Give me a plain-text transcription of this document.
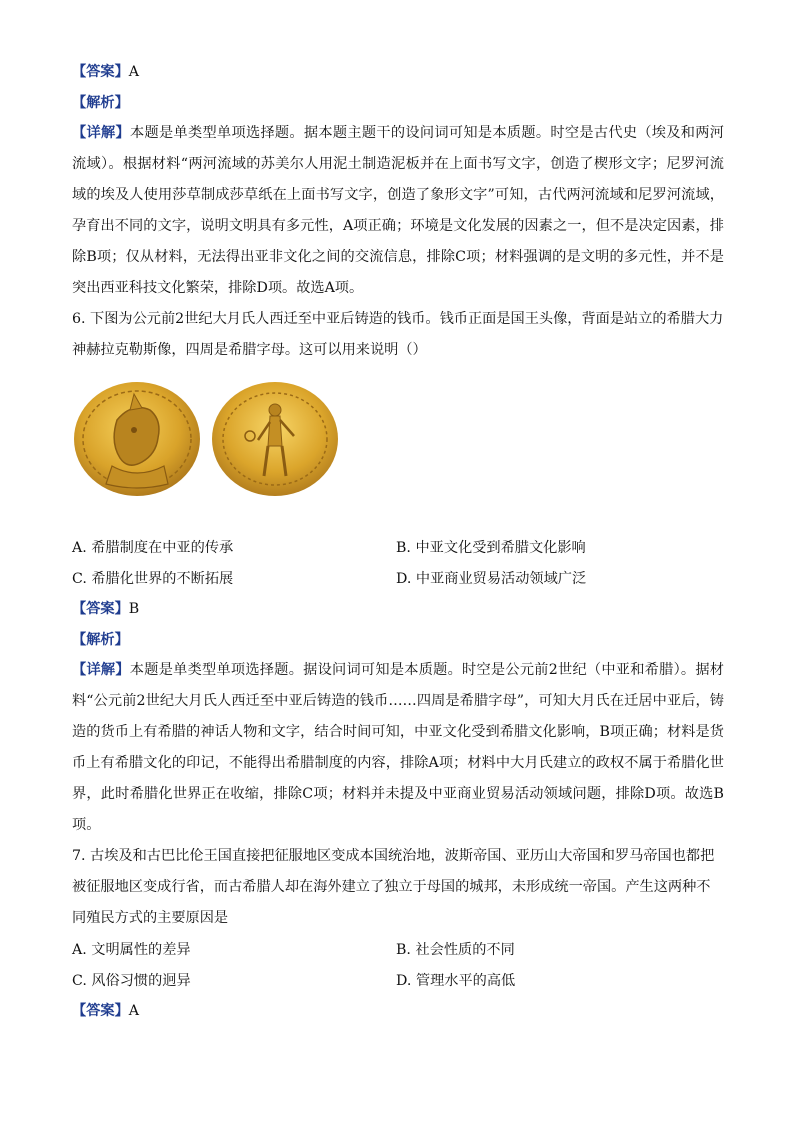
【答案】A
【解析】

【详解】本题是单类型单项选择题。据本题主题干的设问词可知是本质题。时空是古代史（埃及和两河流域）。根据材料“两河流域的苏美尔人用泥土制造泥板并在上面书写文字，创造了楔形文字；尼罗河流域的埃及人使用莎草制成莎草纸在上面书写文字，创造了象形文字”可知，古代两河流域和尼罗河流域，孕育出不同的文字，说明文明具有多元性，A项正确；环境是文化发展的因素之一，但不是决定因素，排除B项；仅从材料，无法得出亚非文化之间的交流信息，排除C项；材料强调的是文明的多元性，并不是突出西亚科技文化繁荣，排除D项。故选A项。

6. 下图为公元前2世纪大月氏人西迁至中亚后铸造的钱币。钱币正面是国王头像，背面是站立的希腊大力神赫拉克勒斯像，四周是希腊字母。这可以用来说明（）

A. 希腊制度在中亚的传承	B. 中亚文化受到希腊文化影响
C. 希腊化世界的不断拓展	D. 中亚商业贸易活动领域广泛
【答案】B
【解析】

【详解】本题是单类型单项选择题。据设问词可知是本质题。时空是公元前2世纪（中亚和希腊）。据材料“公元前2世纪大月氏人西迁至中亚后铸造的钱币……四周是希腊字母”，可知大月氏在迁居中亚后，铸造的货币上有希腊的神话人物和文字，结合时间可知，中亚文化受到希腊文化影响，B项正确；材料是货币上有希腊文化的印记，不能得出希腊制度的内容，排除A项；材料中大月氏建立的政权不属于希腊化世界，此时希腊化世界正在收缩，排除C项；材料并未提及中亚商业贸易活动领域问题，排除D项。故选B项。

7. 古埃及和古巴比伦王国直接把征服地区变成本国统治地，波斯帝国、亚历山大帝国和罗马帝国也都把被征服地区变成行省，而古希腊人却在海外建立了独立于母国的城邦，未形成统一帝国。产生这两种不同殖民方式的主要原因是

A. 文明属性的差异	B. 社会性质的不同
C. 风俗习惯的迥异	D. 管理水平的高低
【答案】A
